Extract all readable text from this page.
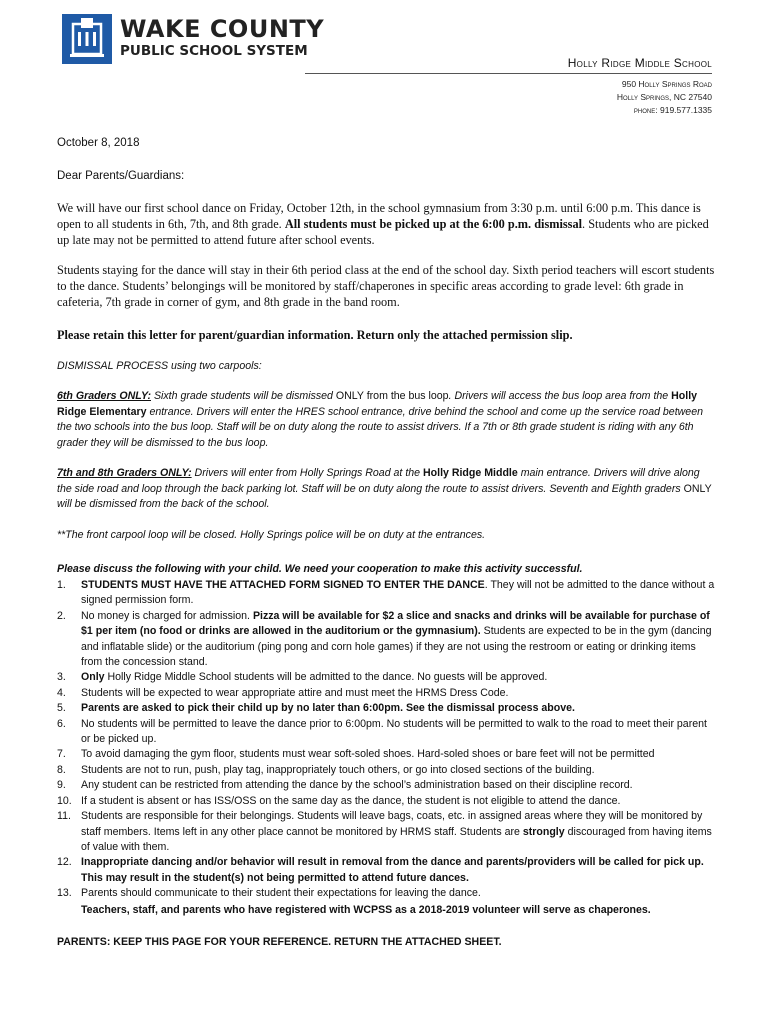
WAKE COUNTY
PUBLIC SCHOOL SYSTEM
Holly Ridge Middle School
950 Holly Springs Road
Holly Springs, NC 27540
phone: 919.577.1335
October 8, 2018
Dear Parents/Guardians:

We will have our first school dance on Friday, October 12th, in the school gymnasium from 3:30 p.m. until 6:00 p.m. This dance is open to all students in 6th, 7th, and 8th grade. All students must be picked up at the 6:00 p.m. dismissal. Students who are picked up late may not be permitted to attend future after school events.

Students staying for the dance will stay in their 6th period class at the end of the school day. Sixth period teachers will escort students to the dance. Students’ belongings will be monitored by staff/chaperones in specific areas according to grade level: 6th grade in cafeteria, 7th grade in corner of gym, and 8th grade in the band room.

Please retain this letter for parent/guardian information. Return only the attached permission slip.

DISMISSAL PROCESS using two carpools:

6th Graders ONLY: Sixth grade students will be dismissed ONLY from the bus loop. Drivers will access the bus loop area from the Holly Ridge Elementary entrance. Drivers will enter the HRES school entrance, drive behind the school and come up the service road between the two schools into the bus loop. Staff will be on duty along the route to assist drivers. If a 7th or 8th grade student is riding with any 6th grader they will be dismissed to the bus loop.

7th and 8th Graders ONLY: Drivers will enter from Holly Springs Road at the Holly Ridge Middle main entrance. Drivers will drive along the side road and loop through the back parking lot. Staff will be on duty along the route to assist drivers. Seventh and Eighth graders ONLY will be dismissed from the back of the school.

**The front carpool loop will be closed. Holly Springs police will be on duty at the entrances.

Please discuss the following with your child. We need your cooperation to make this activity successful.

1. STUDENTS MUST HAVE THE ATTACHED FORM SIGNED TO ENTER THE DANCE. They will not be admitted to the dance without a signed permission form.
2. No money is charged for admission. Pizza will be available for $2 a slice and snacks and drinks will be available for purchase of $1 per item (no food or drinks are allowed in the auditorium or the gymnasium). Students are expected to be in the gym (dancing and inflatable slide) or the auditorium (ping pong and corn hole games) if they are not using the restroom or eating or drinking items from the concession stand.
3. Only Holly Ridge Middle School students will be admitted to the dance. No guests will be approved.
4. Students will be expected to wear appropriate attire and must meet the HRMS Dress Code.
5. Parents are asked to pick their child up by no later than 6:00pm. See the dismissal process above.
6. No students will be permitted to leave the dance prior to 6:00pm. No students will be permitted to walk to the road to meet their parent or be picked up.
7. To avoid damaging the gym floor, students must wear soft-soled shoes. Hard-soled shoes or bare feet will not be permitted
8. Students are not to run, push, play tag, inappropriately touch others, or go into closed sections of the building.
9. Any student can be restricted from attending the dance by the school’s administration based on their discipline record.
10. If a student is absent or has ISS/OSS on the same day as the dance, the student is not eligible to attend the dance.
11. Students are responsible for their belongings. Students will leave bags, coats, etc. in assigned areas where they will be monitored by staff members. Items left in any other place cannot be monitored by HRMS staff. Students are strongly discouraged from having items of value with them.
12. Inappropriate dancing and/or behavior will result in removal from the dance and parents/providers will be called for pick up. This may result in the student(s) not being permitted to attend future dances.
13. Parents should communicate to their student their expectations for leaving the dance.
Teachers, staff, and parents who have registered with WCPSS as a 2018-2019 volunteer will serve as chaperones.
PARENTS: KEEP THIS PAGE FOR YOUR REFERENCE. RETURN THE ATTACHED SHEET.
